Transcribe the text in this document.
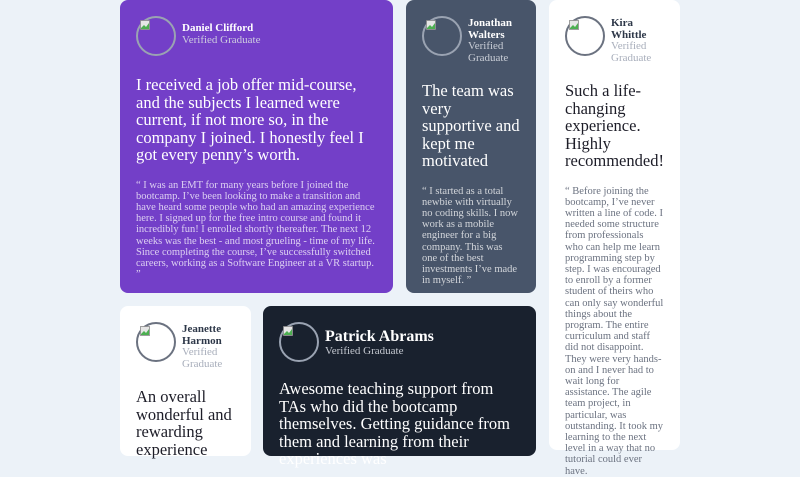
Daniel Clifford
Verified Graduate

I received a job offer mid-course, and the subjects I learned were current, if not more so, in the company I joined. I honestly feel I got every penny’s worth.

“ I was an EMT for many years before I joined the bootcamp. I’ve been looking to make a transition and have heard some people who had an amazing experience here. I signed up for the free intro course and found it incredibly fun! I enrolled shortly thereafter. The next 12 weeks was the best - and most grueling - time of my life. Since completing the course, I’ve successfully switched careers, working as a Software Engineer at a VR startup. ”

Jonathan Walters
Verified Graduate

The team was very supportive and kept me motivated

“ I started as a total newbie with virtually no coding skills. I now work as a mobile engineer for a big company. This was one of the best investments I’ve made in myself. ”

Kira Whittle
Verified Graduate

Such a life-changing experience. Highly recommended!

“ Before joining the bootcamp, I’ve never written a line of code. I needed some structure from professionals who can help me learn programming step by step. I was encouraged to enroll by a former student of theirs who can only say wonderful things about the program. The entire curriculum and staff did not disappoint. They were very hands-on and I never had to wait long for assistance. The agile team project, in particular, was outstanding. It took my learning to the next level in a way that no tutorial could ever have.

Jeanette Harmon
Verified Graduate

An overall wonderful and rewarding experience

Patrick Abrams
Verified Graduate

Awesome teaching support from TAs who did the bootcamp themselves. Getting guidance from them and learning from their experiences was
